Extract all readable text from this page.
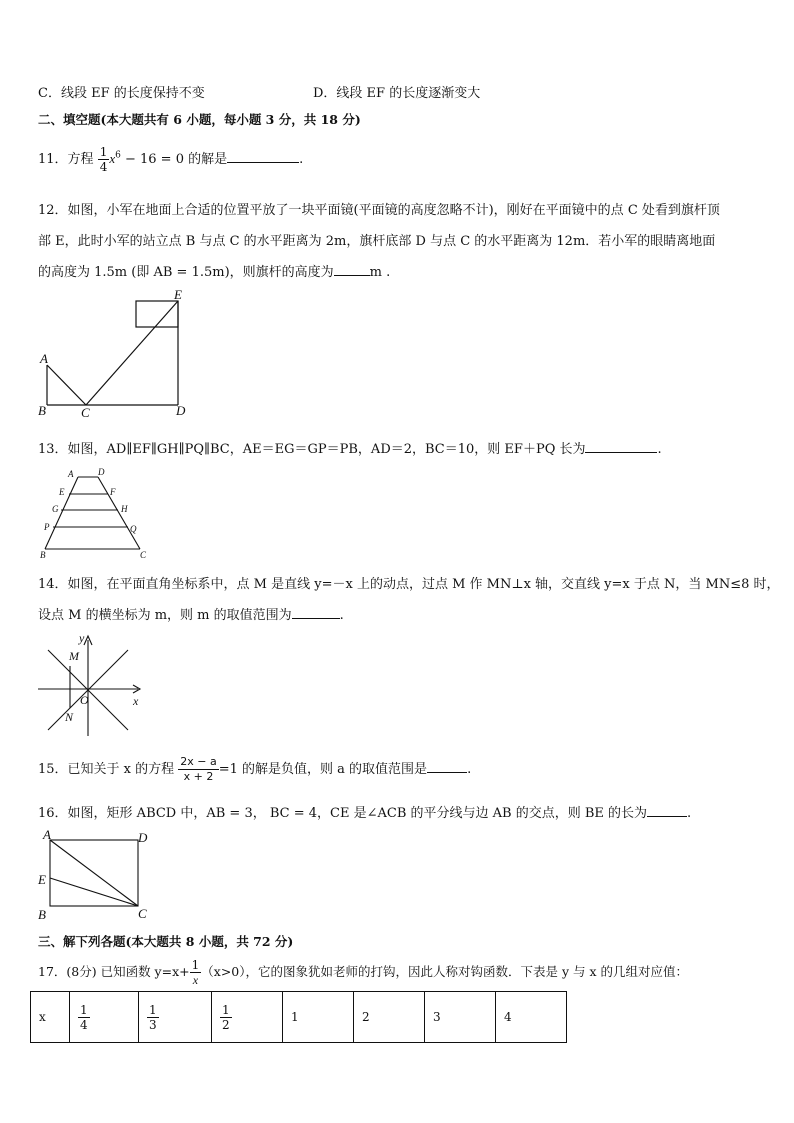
C．线段 EF 的长度保持不变	D．线段 EF 的长度逐渐变大
二、填空题(本大题共有 6 小题，每小题 3 分，共 18 分)
11．方程 $\frac{1}{4} x^6 - 16 = 0$ 的解是	.
12．如图，小军在地面上合适的位置平放了一块平面镜(平面镜的高度忽略不计)，刚好在平面镜中的点 C 处看到旗杆顶
部 E，此时小军的站立点 B 与点 C 的水平距离为 2m，旗杆底部 D 与点 C 的水平距离为 12m．若小军的眼睛离地面
的高度为 1.5m (即 AB = 1.5m)，则旗杆的高度为	m .
A
B	C	D
E
13．如图，AD∥EF∥GH∥PQ∥BC，AE＝EG＝GP＝PB，AD＝2，BC＝10，则 EF＋PQ 长为	.
A	D
E	F
G	H
P	Q
B	C
14．如图，在平面直角坐标系中，点 M 是直线 y=－x 上的动点，过点 M 作 MN⊥x 轴，交直线 y=x 于点 N，当 MN≤8 时，
设点 M 的横坐标为 m，则 m 的取值范围为	.
y
x
M
O
N
15．已知关于 x 的方程 $\frac{2x - a}{x + 2} =1$ 的解是负值，则 a 的取值范围是	.
16．如图，矩形 ABCD 中，AB = 3， BC = 4，CE 是∠ACB 的平分线与边 AB 的交点，则 BE 的长为	.
A	D
E
B	C
三、解下列各题(本大题共 8 小题，共 72 分)
17．(8分) 已知函数 $y=x+ \frac{1}{x} (x>0)$，它的图象犹如老师的打钩，因此人称对钩函数．下表是 y 与 x 的几组对应值：
x	$\frac{1}{4}$	$\frac{1}{3}$	$\frac{1}{2}$	1	2	3	4
